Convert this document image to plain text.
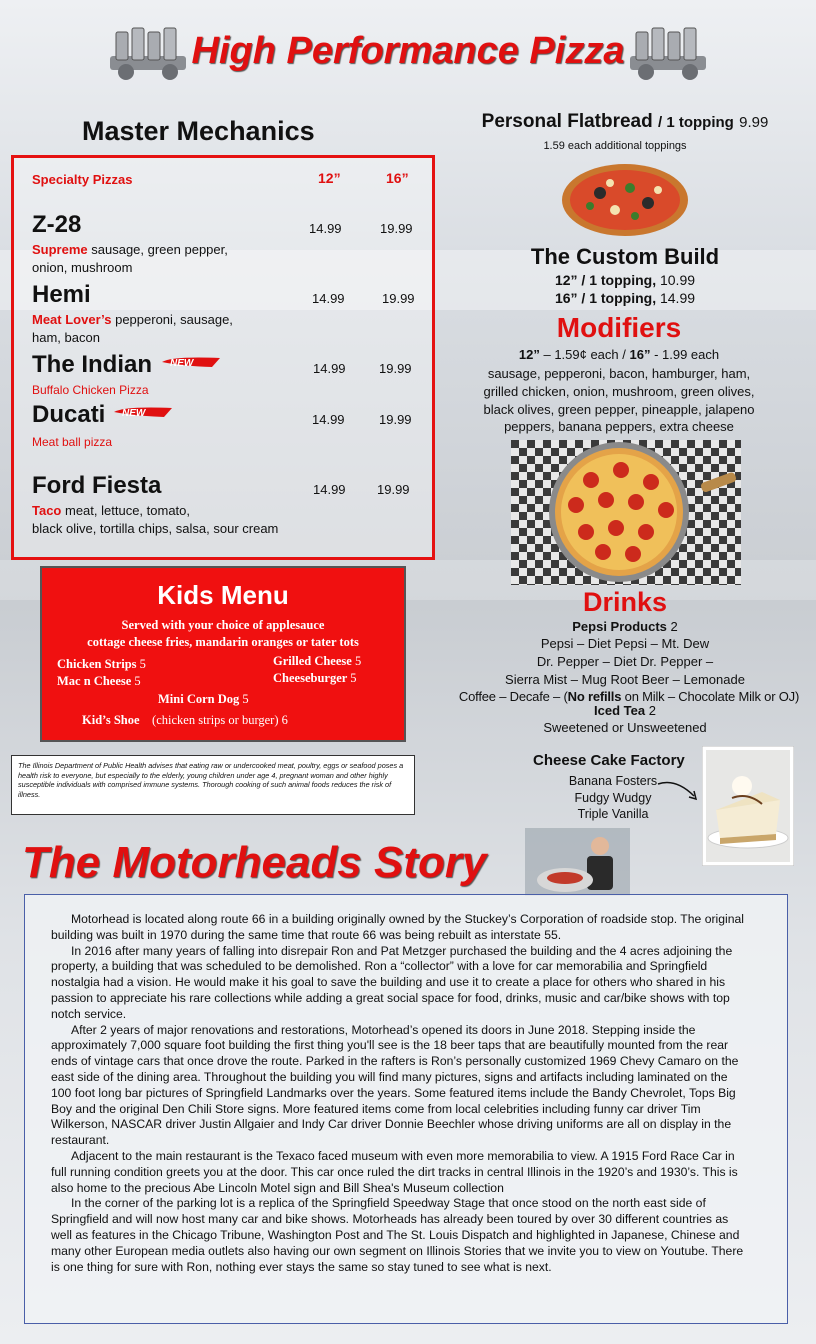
High Performance Pizza
Master Mechanics
Specialty Pizzas	12”	16”
Z-28	14.99	19.99
Supreme sausage, green pepper,
onion, mushroom
Hemi	14.99	19.99
Meat Lover’s pepperoni, sausage,
ham, bacon
The Indian NEW	14.99	19.99
Buffalo Chicken Pizza
Ducati NEW	14.99	19.99
Meat ball pizza
Ford Fiesta	14.99 19.99
Taco meat, lettuce, tomato,
black olive, tortilla chips, salsa, sour cream
Kids Menu
Served with your choice of applesauce
cottage cheese fries, mandarin oranges or tater tots
Chicken Strips 5	Grilled Cheese 5
Mac n Cheese 5	Cheeseburger 5
Mini Corn Dog 5
Kid’s Shoe (chicken strips or burger) 6
The Illinois Department of Public Health advises that eating raw or undercooked meat, poultry, eggs or seafood poses a health risk to everyone, but especially to the elderly, young children under age 4, pregnant woman and other highly susceptible individuals with comprised immune systems. Thorough cooking of such animal foods reduces the risk of illness.
Personal Flatbread / 1 topping 9.99
1.59 each additional toppings
The Custom Build
12” / 1 topping, 10.99
16” / 1 topping, 14.99
Modifiers
12” – 1.59¢ each / 16” - 1.99 each
sausage, pepperoni, bacon, hamburger, ham,
grilled chicken, onion, mushroom, green olives,
black olives, green pepper, pineapple, jalapeno
peppers, banana peppers, extra cheese
Drinks
Pepsi Products 2
Pepsi – Diet Pepsi – Mt. Dew
Dr. Pepper – Diet Dr. Pepper –
Sierra Mist – Mug Root Beer – Lemonade
Coffee – Decafe – (No refills on Milk – Chocolate Milk or OJ)
Iced Tea 2
Sweetened or Unsweetened
Cheese Cake Factory
Banana Fosters
Fudgy Wudgy
Triple Vanilla
The Motorheads Story

Motorhead is located along route 66 in a building originally owned by the Stuckey’s Corporation of roadside stop. The original building was built in 1970 during the same time that route 66 was being rebuilt as interstate 55.

In 2016 after many years of falling into disrepair Ron and Pat Metzger purchased the building and the 4 acres adjoining the property, a building that was scheduled to be demolished. Ron a “collector” with a love for car memorabilia and Springfield nostalgia had a vision. He would make it his goal to save the building and use it to create a place for others who shared in his passion to appreciate his rare collections while adding a great social space for food, drinks, music and car/bike shows with top notch service.

After 2 years of major renovations and restorations, Motorhead’s opened its doors in June 2018. Stepping inside the approximately 7,000 square foot building the first thing you'll see is the 18 beer taps that are beautifully mounted from the rear ends of vintage cars that once drove the route. Parked in the rafters is Ron’s personally customized 1969 Chevy Camaro on the east side of the dining area. Throughout the building you will find many pictures, signs and artifacts including laminated on the 100 foot long bar pictures of Springfield Landmarks over the years. Some featured items include the Bandy Chevrolet, Tops Big Boy and the original Den Chili Store signs. More featured items come from local celebrities including funny car driver Tim Wilkerson, NASCAR driver Justin Allgaier and Indy Car driver Donnie Beechler whose driving uniforms are all on display in the restaurant.

Adjacent to the main restaurant is the Texaco faced museum with even more memorabilia to view. A 1915 Ford Race Car in full running condition greets you at the door. This car once ruled the dirt tracks in central Illinois in the 1920’s and 1930’s. This is also home to the precious Abe Lincoln Motel sign and Bill Shea's Museum collection

In the corner of the parking lot is a replica of the Springfield Speedway Stage that once stood on the north east side of Springfield and will now host many car and bike shows. Motorheads has already been toured by over 30 different countries as well as features in the Chicago Tribune, Washington Post and The St. Louis Dispatch and highlighted in Japanese, Chinese and many other European media outlets also having our own segment on Illinois Stories that we invite you to view on Youtube. There is one thing for sure with Ron, nothing ever stays the same so stay tuned to see what is next.
